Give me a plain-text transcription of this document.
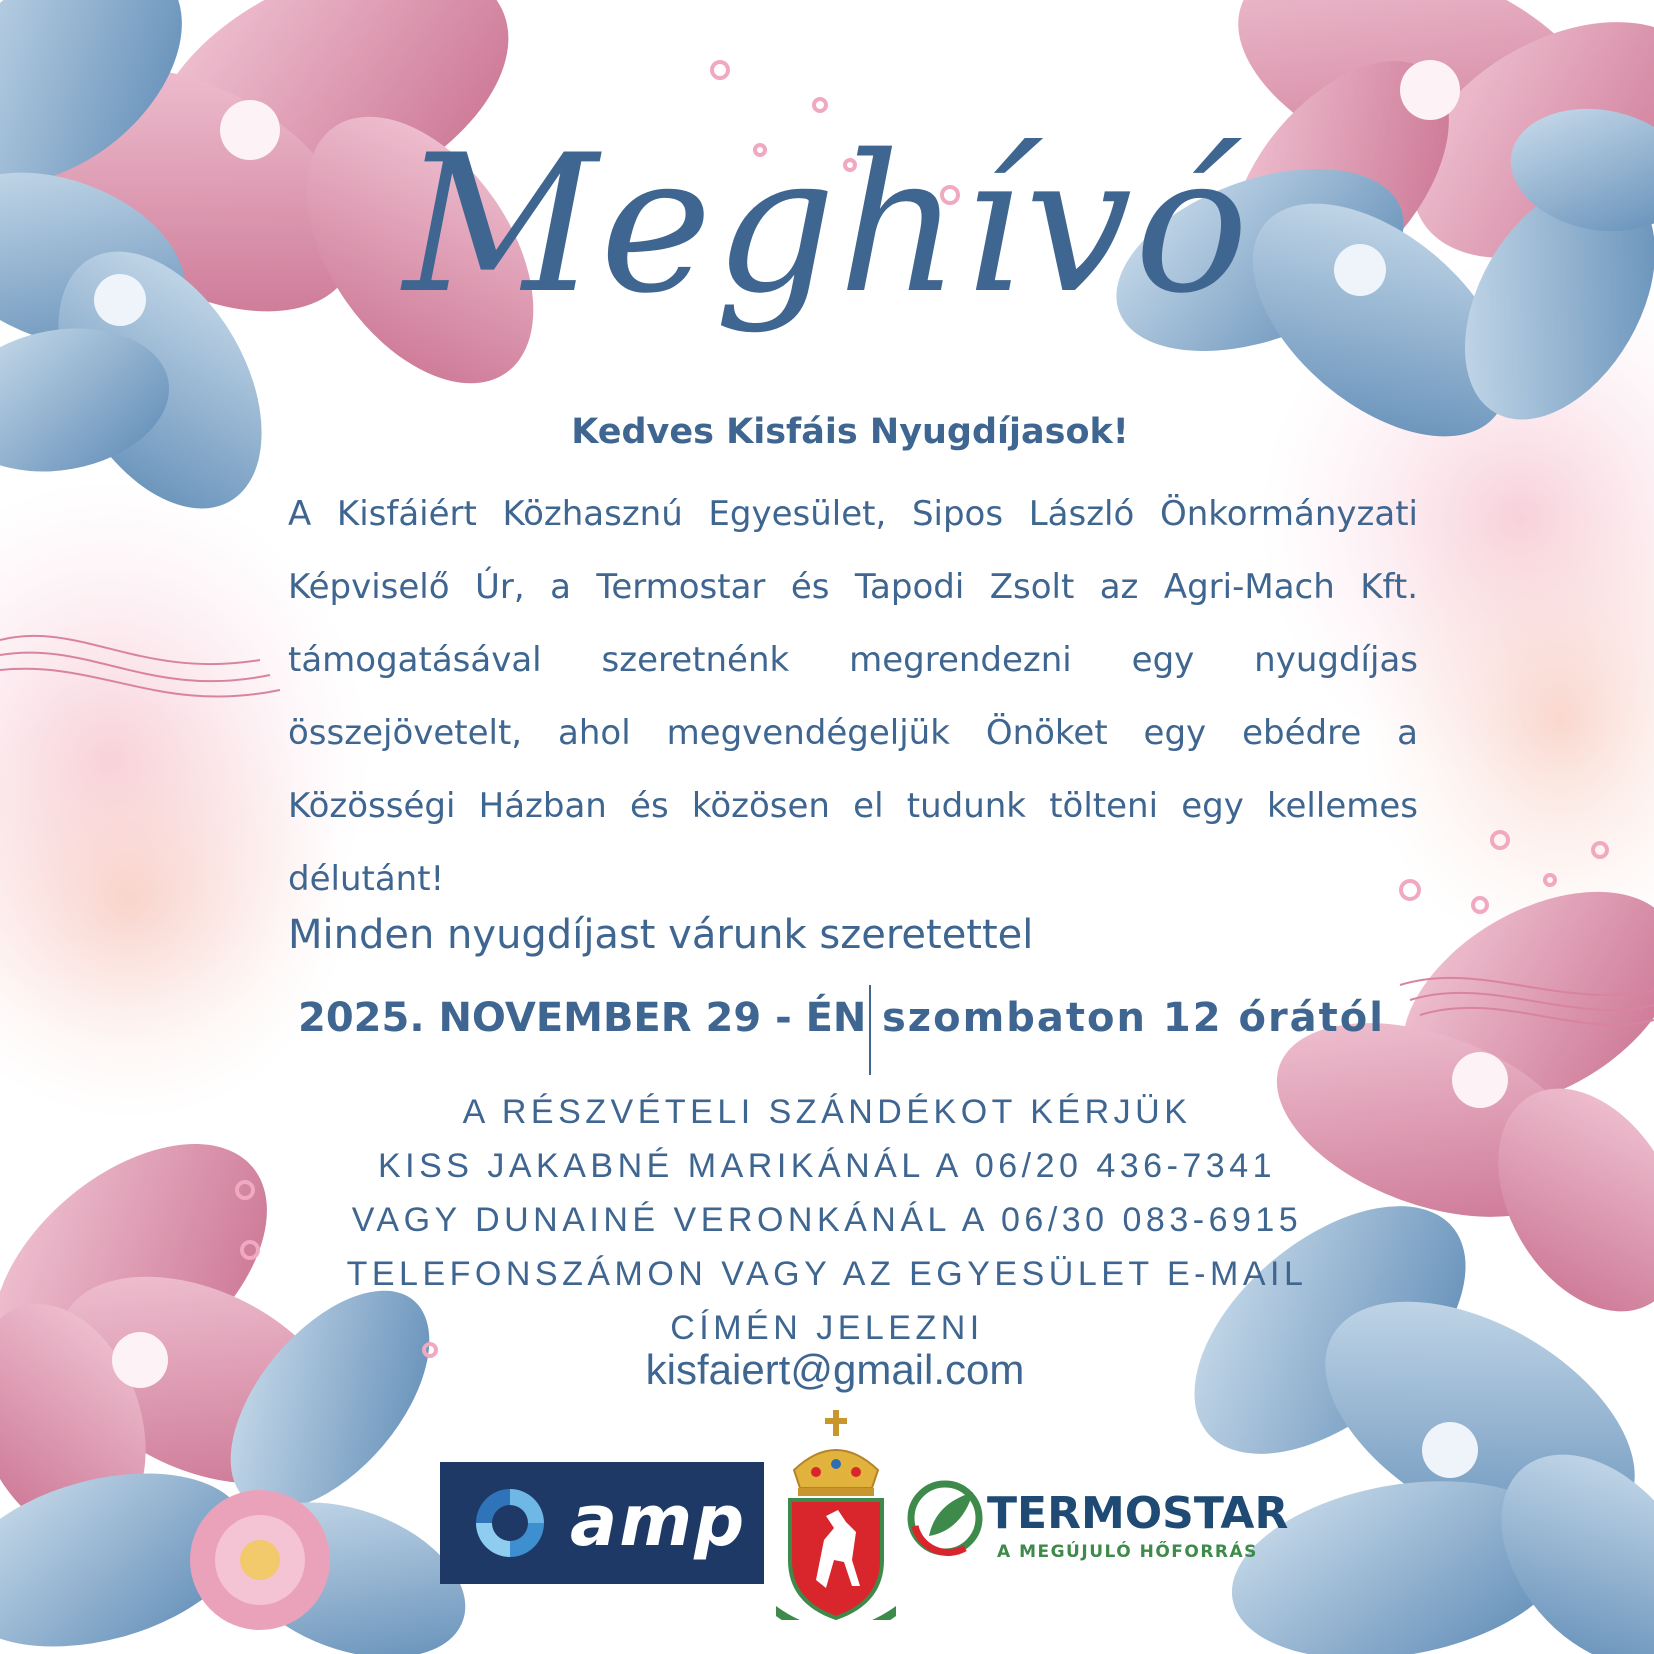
Meghívó
Kedves Kisfáis Nyugdíjasok!
A Kisfáiért Közhasznú Egyesület, Sipos László Önkormányzati Képviselő Úr, a Termostar és Tapodi Zsolt az Agri-Mach Kft. támogatásával szeretnénk megrendezni egy nyugdíjas összejövetelt, ahol megvendégeljük Önöket egy ebédre a Közösségi Házban és közösen el tudunk tölteni egy kellemes délutánt!
Minden nyugdíjast várunk szeretettel
2025. NOVEMBER 29 - ÉN szombaton 12 órától
A RÉSZVÉTELI SZÁNDÉKOT KÉRJÜK
KISS JAKABNÉ MARIKÁNÁL A 06/20 436-7341
VAGY DUNAINÉ VERONKÁNÁL A 06/30 083-6915
TELEFONSZÁMON VAGY AZ EGYESÜLET E-MAIL
CÍMÉN JELEZNI
kisfaiert@gmail.com
amp	TERMOSTAR
A MEGÚJULÓ HŐFORRÁS
